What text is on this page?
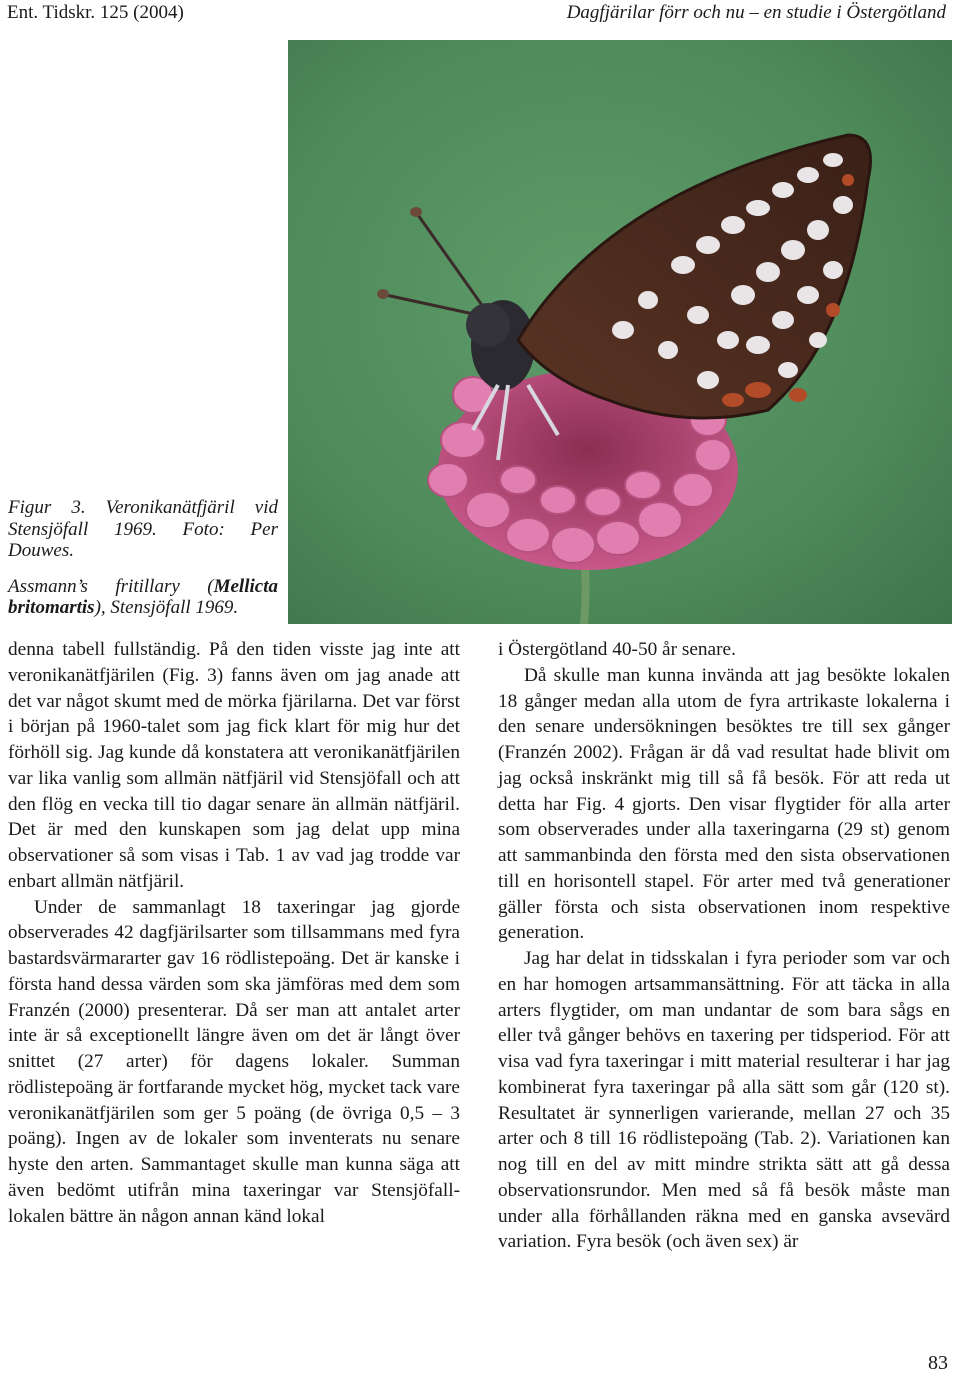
Ent. Tidskr. 125 (2004)	Dagfjärilar förr och nu – en studie i Östergötland

Figur 3. Veronikanätfjäril vid Stensjöfall 1969. Foto: Per Douwes.

Assmann’s fritillary (Mellicta britomartis), Stensjöfall 1969.

denna tabell fullständig. På den tiden visste jag inte att veronikanätfjärilen (Fig. 3) fanns även om jag anade att det var något skumt med de mörka fjärilarna. Det var först i början på 1960-talet som jag fick klart för mig hur det förhöll sig. Jag kunde då konstatera att veronikanätfjärilen var lika vanlig som allmän nätfjäril vid Stensjöfall och att den flög en vecka till tio dagar senare än allmän nätfjäril. Det är med den kunskapen som jag delat upp mina observationer så som visas i Tab. 1 av vad jag trodde var enbart allmän nätfjäril.

Under de sammanlagt 18 taxeringar jag gjorde observerades 42 dagfjärilsarter som tillsammans med fyra bastardsvärmararter gav 16 rödlistepoäng. Det är kanske i första hand dessa värden som ska jämföras med dem som Franzén (2000) presenterar. Då ser man att antalet arter inte är så exceptionellt längre även om det är långt över snittet (27 arter) för dagens lokaler. Summan rödlistepoäng är fortfarande mycket hög, mycket tack vare veronikanätfjärilen som ger 5 poäng (de övriga 0,5 – 3 poäng). Ingen av de lokaler som inventerats nu senare hyste den arten. Sammantaget skulle man kunna säga att även bedömt utifrån mina taxeringar var Stensjöfall-lokalen bättre än någon annan känd lokal

i Östergötland 40-50 år senare.

Då skulle man kunna invända att jag besökte lokalen 18 gånger medan alla utom de fyra artrikaste lokalerna i den senare undersökningen besöktes tre till sex gånger (Franzén 2002). Frågan är då vad resultat hade blivit om jag också inskränkt mig till så få besök. För att reda ut detta har Fig. 4 gjorts. Den visar flygtider för alla arter som observerades under alla taxeringarna (29 st) genom att sammanbinda den första med den sista observationen till en horisontell stapel. För arter med två generationer gäller första och sista observationen inom respektive generation.

Jag har delat in tidsskalan i fyra perioder som var och en har homogen artsammansättning. För att täcka in alla arters flygtider, om man undantar de som bara sågs en eller två gånger behövs en taxering per tidsperiod. För att visa vad fyra taxeringar i mitt material resulterar i har jag kombinerat fyra taxeringar på alla sätt som går (120 st). Resultatet är synnerligen varierande, mellan 27 och 35 arter och 8 till 16 rödlistepoäng (Tab. 2). Variationen kan nog till en del av mitt mindre strikta sätt att gå dessa observationsrundor. Men med så få besök måste man under alla förhållanden räkna med en ganska avsevärd variation. Fyra besök (och även sex) är

83
